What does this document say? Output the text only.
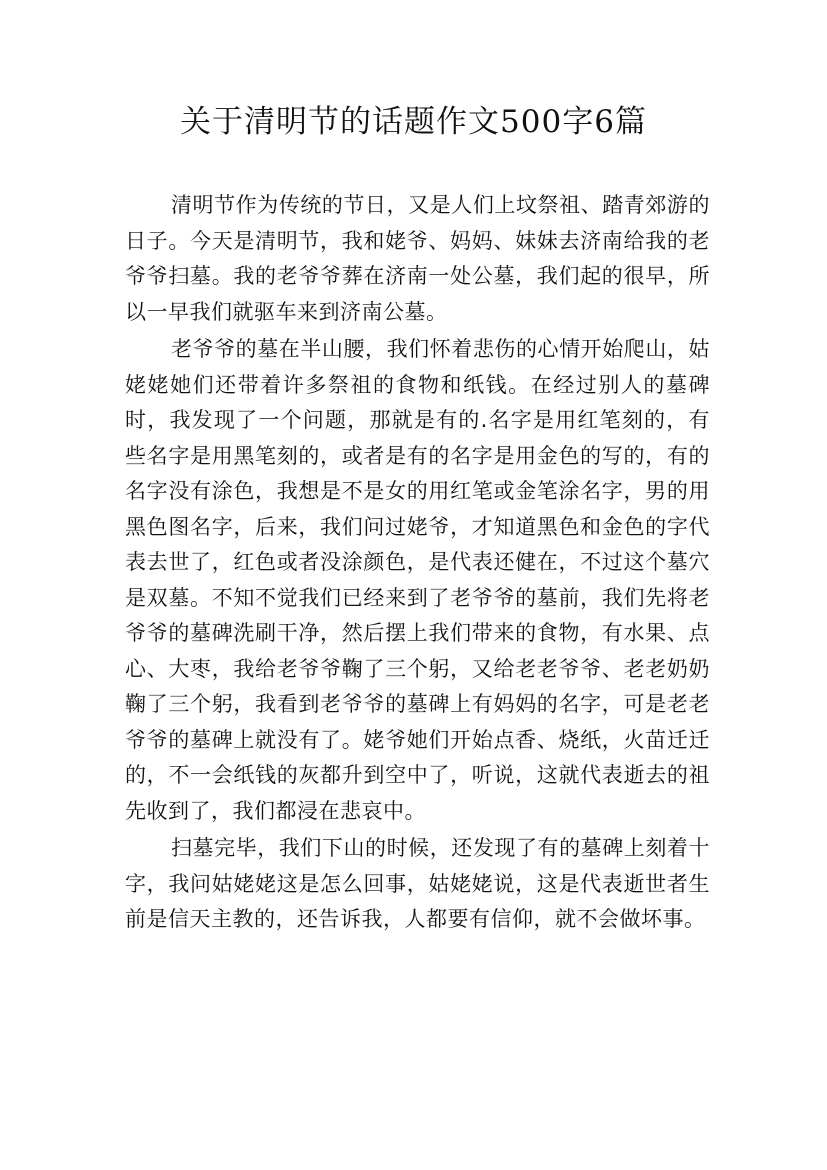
关于清明节的话题作文500字6篇

清明节作为传统的节日，又是人们上坟祭祖、踏青郊游的日子。今天是清明节，我和姥爷、妈妈、妹妹去济南给我的老爷爷扫墓。我的老爷爷葬在济南一处公墓，我们起的很早，所以一早我们就驱车来到济南公墓。

老爷爷的墓在半山腰，我们怀着悲伤的心情开始爬山，姑姥姥她们还带着许多祭祖的食物和纸钱。在经过别人的墓碑时，我发现了一个问题，那就是有的.名字是用红笔刻的，有些名字是用黑笔刻的，或者是有的名字是用金色的写的，有的名字没有涂色，我想是不是女的用红笔或金笔涂名字，男的用黑色图名字，后来，我们问过姥爷，才知道黑色和金色的字代表去世了，红色或者没涂颜色，是代表还健在，不过这个墓穴是双墓。不知不觉我们已经来到了老爷爷的墓前，我们先将老爷爷的墓碑洗刷干净，然后摆上我们带来的食物，有水果、点心、大枣，我给老爷爷鞠了三个躬，又给老老爷爷、老老奶奶鞠了三个躬，我看到老爷爷的墓碑上有妈妈的名字，可是老老爷爷的墓碑上就没有了。姥爷她们开始点香、烧纸，火苗迁迁的，不一会纸钱的灰都升到空中了，听说，这就代表逝去的祖先收到了，我们都浸在悲哀中。

扫墓完毕，我们下山的时候，还发现了有的墓碑上刻着十字，我问姑姥姥这是怎么回事，姑姥姥说，这是代表逝世者生前是信天主教的，还告诉我，人都要有信仰，就不会做坏事。
